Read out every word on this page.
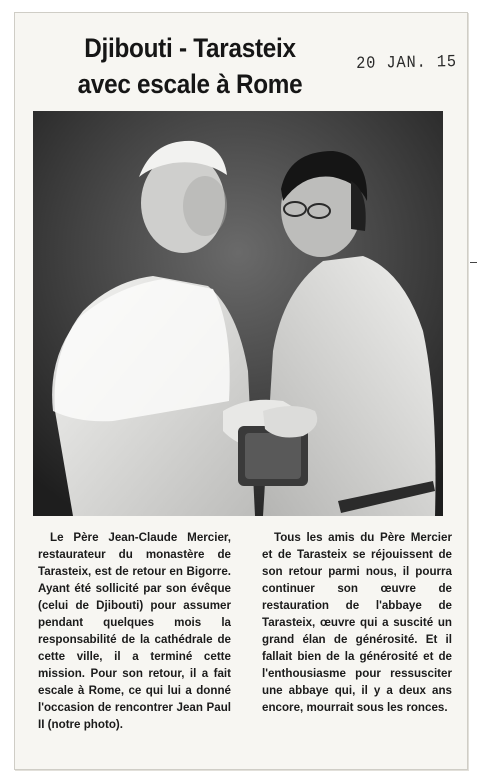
Djibouti - Tarasteix
avec escale à Rome
20 JAN. 15

Le Père Jean-Claude Mercier, restaurateur du monastère de Tarasteix, est de retour en Bigorre. Ayant été sollicité par son évêque (celui de Djibouti) pour assumer pendant quelques mois la responsabilité de la cathédrale de cette ville, il a terminé cette mission. Pour son retour, il a fait escale à Rome, ce qui lui a donné l'occasion de rencontrer Jean Paul II (notre photo).

Tous les amis du Père Mercier et de Tarasteix se réjouissent de son retour parmi nous, il pourra continuer son œuvre de restauration de l'abbaye de Tarasteix, œuvre qui a suscité un grand élan de générosité. Et il fallait bien de la générosité et de l'enthousiasme pour ressusciter une abbaye qui, il y a deux ans encore, mourrait sous les ronces.
